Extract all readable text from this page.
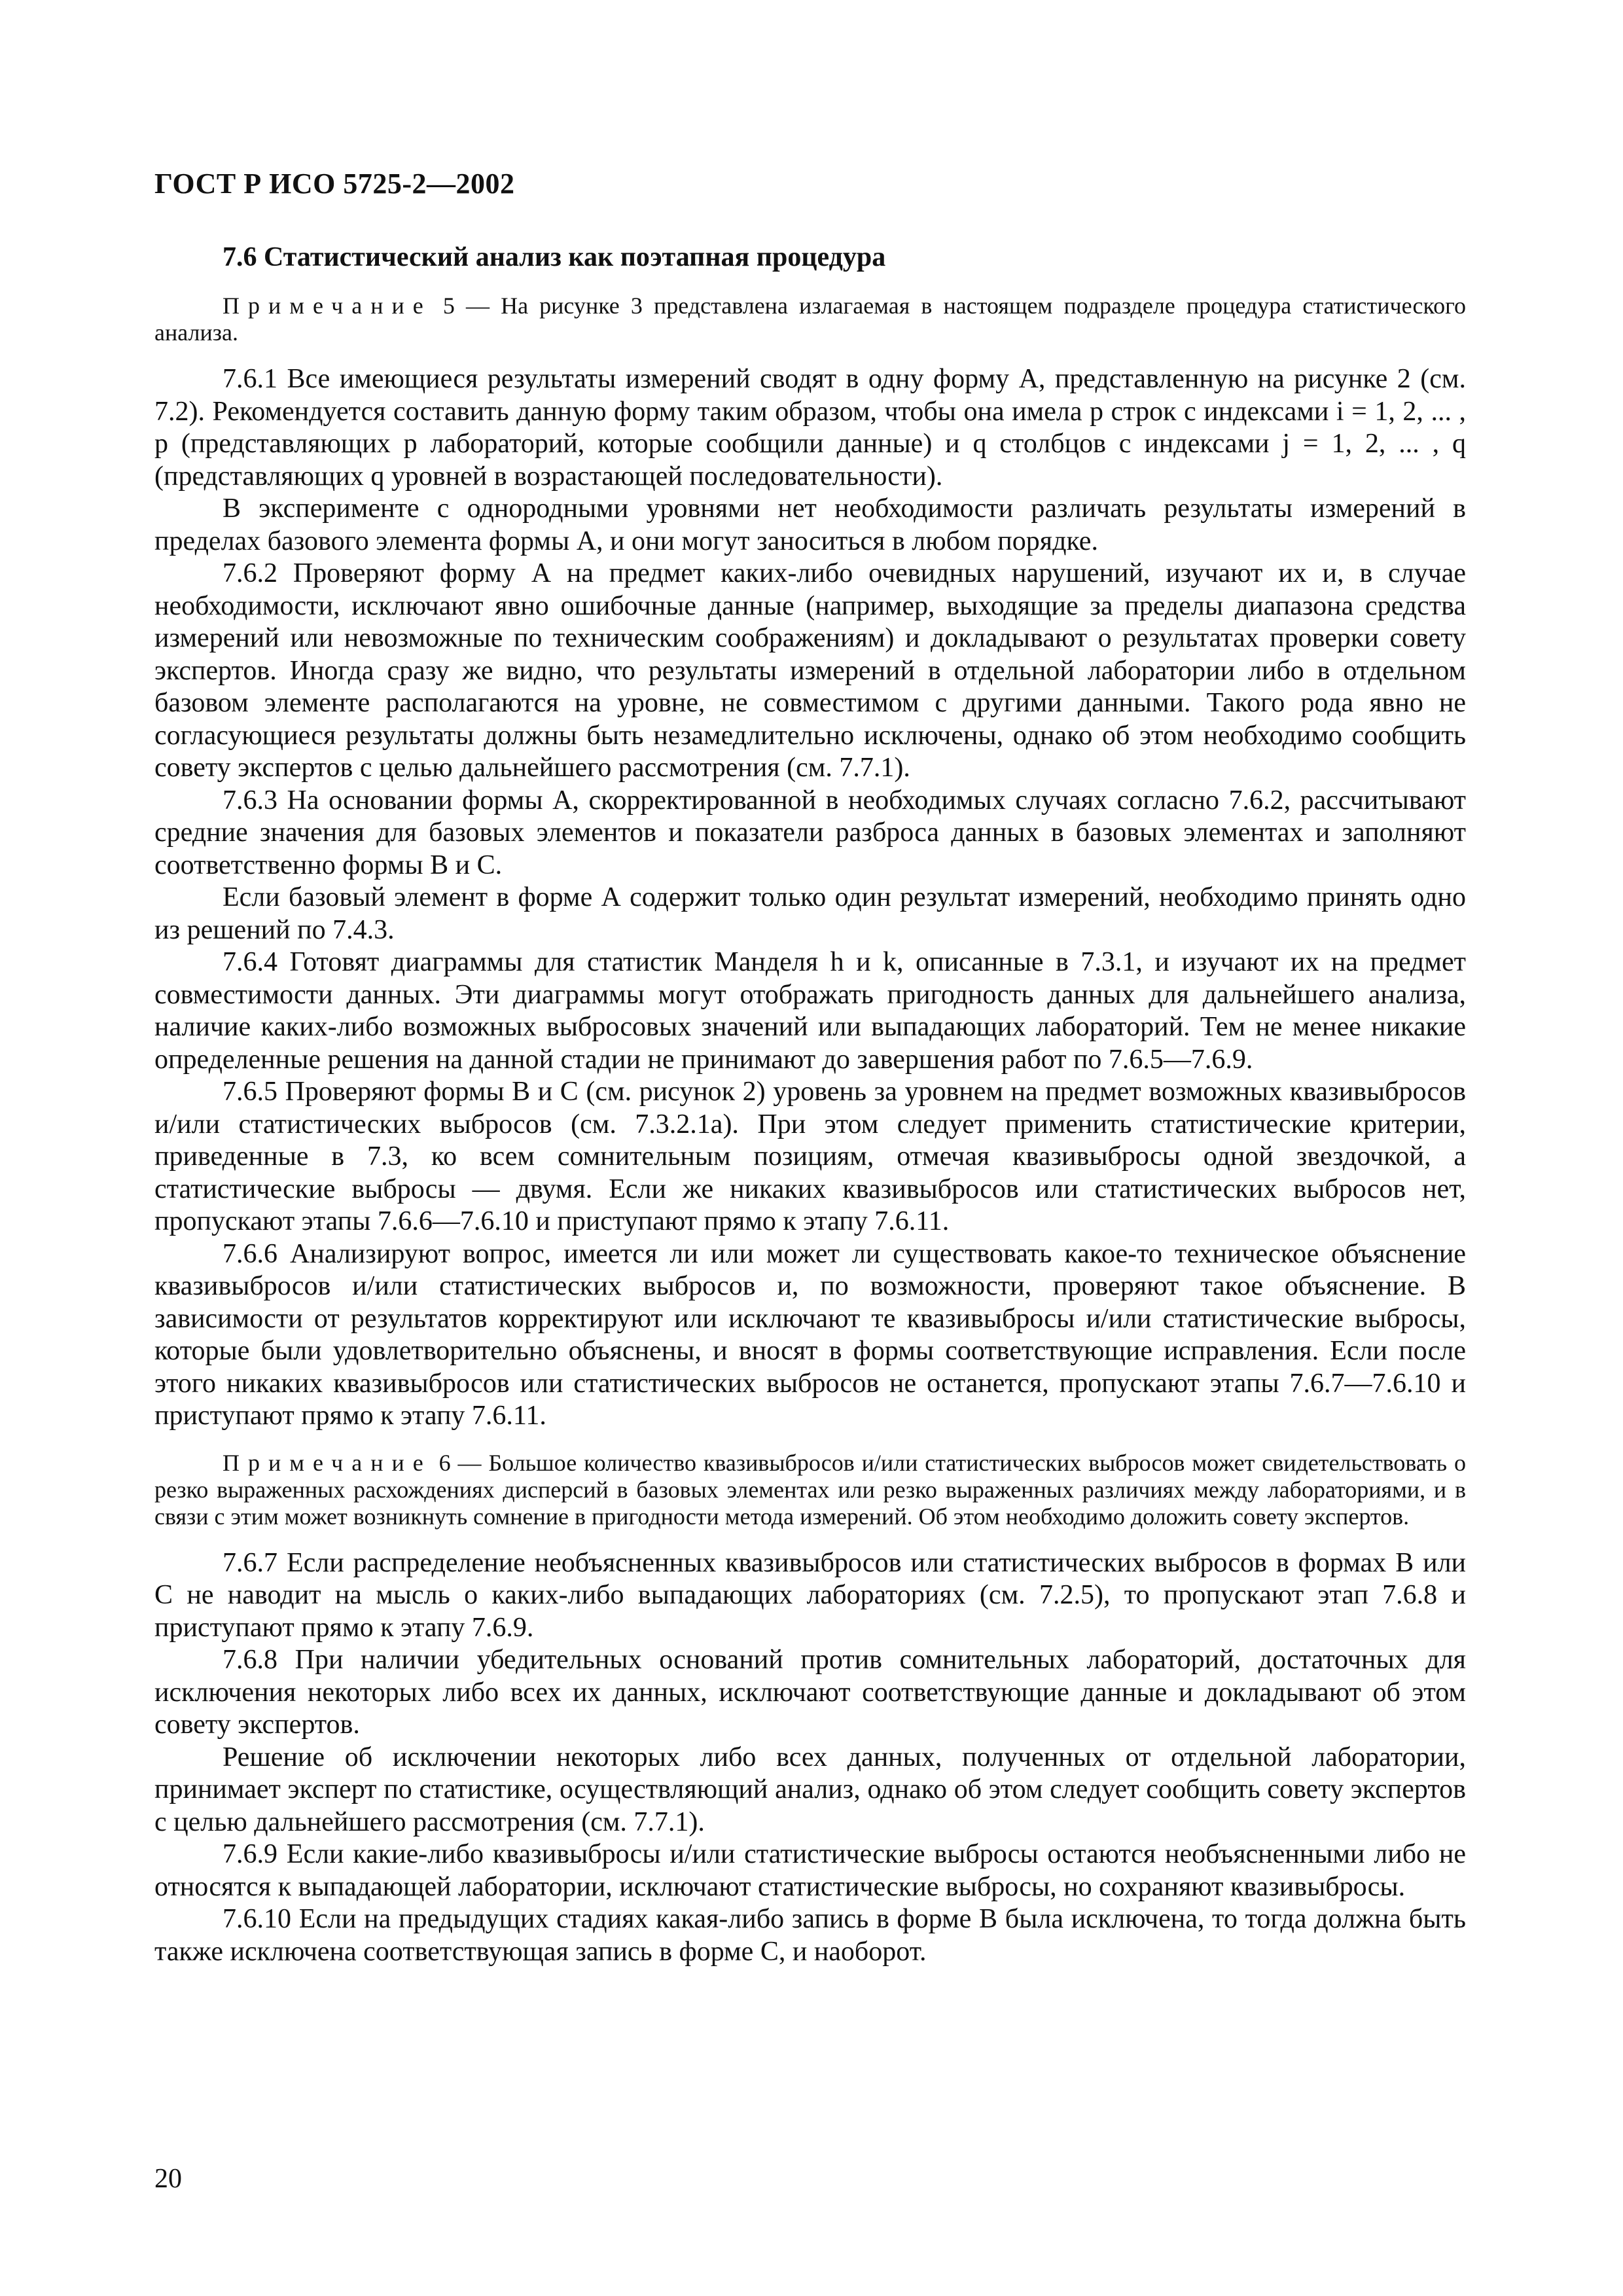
ГОСТ Р ИСО 5725-2—2002
7.6 Статистический анализ как поэтапная процедура

Примечание 5 — На рисунке 3 представлена излагаемая в настоящем подразделе процедура статистического анализа.

7.6.1 Все имеющиеся результаты измерений сводят в одну форму А, представленную на рисунке 2 (см. 7.2). Рекомендуется составить данную форму таким образом, чтобы она имела p строк с индексами i = 1, 2, ... , p (представляющих p лабораторий, которые сообщили данные) и q столбцов с индексами j = 1, 2, ... , q (представляющих q уровней в возрастающей последовательности).

В эксперименте с однородными уровнями нет необходимости различать результаты измерений в пределах базового элемента формы А, и они могут заноситься в любом порядке.

7.6.2 Проверяют форму А на предмет каких-либо очевидных нарушений, изучают их и, в случае необходимости, исключают явно ошибочные данные (например, выходящие за пределы диапазона средства измерений или невозможные по техническим соображениям) и докладывают о результатах проверки совету экспертов. Иногда сразу же видно, что результаты измерений в отдельной лаборатории либо в отдельном базовом элементе располагаются на уровне, не совместимом с другими данными. Такого рода явно не согласующиеся результаты должны быть незамедлительно исключены, однако об этом необходимо сообщить совету экспертов с целью дальнейшего рассмотрения (см. 7.7.1).

7.6.3 На основании формы А, скорректированной в необходимых случаях согласно 7.6.2, рассчитывают средние значения для базовых элементов и показатели разброса данных в базовых элементах и заполняют соответственно формы В и С.

Если базовый элемент в форме А содержит только один результат измерений, необходимо принять одно из решений по 7.4.3.

7.6.4 Готовят диаграммы для статистик Манделя h и k, описанные в 7.3.1, и изучают их на предмет совместимости данных. Эти диаграммы могут отображать пригодность данных для дальнейшего анализа, наличие каких-либо возможных выбросовых значений или выпадающих лабораторий. Тем не менее никакие определенные решения на данной стадии не принимают до завершения работ по 7.6.5—7.6.9.

7.6.5 Проверяют формы В и С (см. рисунок 2) уровень за уровнем на предмет возможных квазивыбросов и/или статистических выбросов (см. 7.3.2.1а). При этом следует применить статистические критерии, приведенные в 7.3, ко всем сомнительным позициям, отмечая квазивыбросы одной звездочкой, а статистические выбросы — двумя. Если же никаких квазивыбросов или статистических выбросов нет, пропускают этапы 7.6.6—7.6.10 и приступают прямо к этапу 7.6.11.

7.6.6 Анализируют вопрос, имеется ли или может ли существовать какое-то техническое объяснение квазивыбросов и/или статистических выбросов и, по возможности, проверяют такое объяснение. В зависимости от результатов корректируют или исключают те квазивыбросы и/или статистические выбросы, которые были удовлетворительно объяснены, и вносят в формы соответствующие исправления. Если после этого никаких квазивыбросов или статистических выбросов не останется, пропускают этапы 7.6.7—7.6.10 и приступают прямо к этапу 7.6.11.

Примечание 6 — Большое количество квазивыбросов и/или статистических выбросов может свидетельствовать о резко выраженных расхождениях дисперсий в базовых элементах или резко выраженных различиях между лабораториями, и в связи с этим может возникнуть сомнение в пригодности метода измерений. Об этом необходимо доложить совету экспертов.

7.6.7 Если распределение необъясненных квазивыбросов или статистических выбросов в формах В или С не наводит на мысль о каких-либо выпадающих лабораториях (см. 7.2.5), то пропускают этап 7.6.8 и приступают прямо к этапу 7.6.9.

7.6.8 При наличии убедительных оснований против сомнительных лабораторий, достаточных для исключения некоторых либо всех их данных, исключают соответствующие данные и докладывают об этом совету экспертов.

Решение об исключении некоторых либо всех данных, полученных от отдельной лаборатории, принимает эксперт по статистике, осуществляющий анализ, однако об этом следует сообщить совету экспертов с целью дальнейшего рассмотрения (см. 7.7.1).

7.6.9 Если какие-либо квазивыбросы и/или статистические выбросы остаются необъясненными либо не относятся к выпадающей лаборатории, исключают статистические выбросы, но сохраняют квазивыбросы.

7.6.10 Если на предыдущих стадиях какая-либо запись в форме В была исключена, то тогда должна быть также исключена соответствующая запись в форме С, и наоборот.

20
